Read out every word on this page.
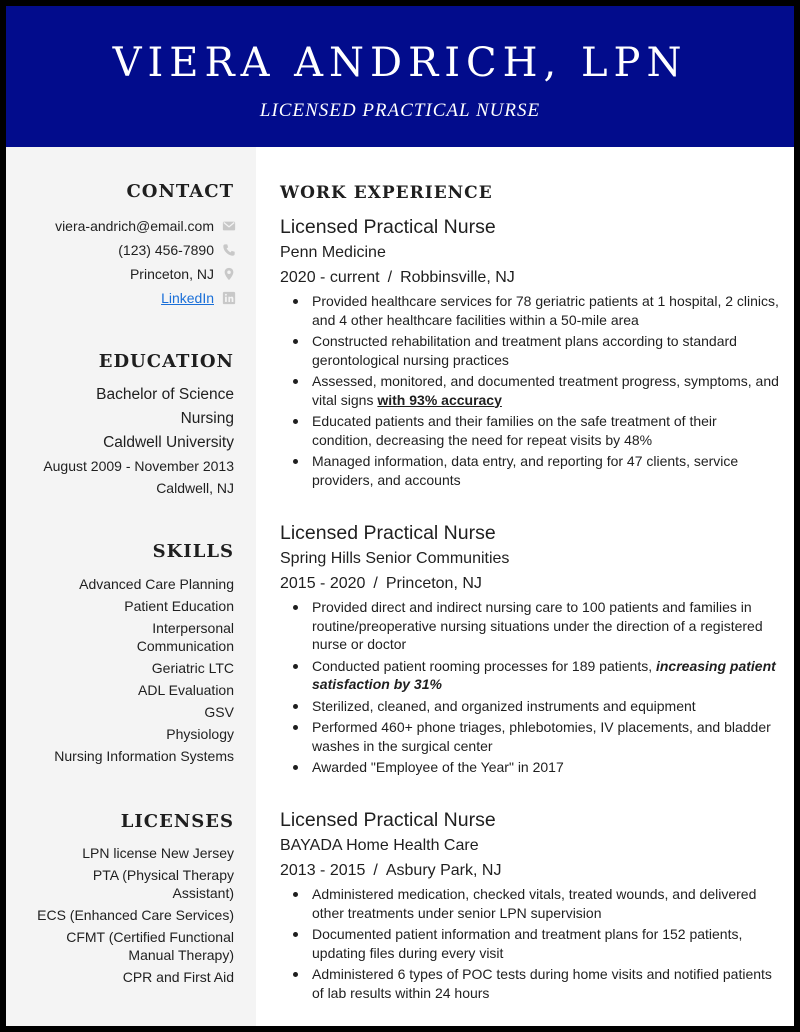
VIERA ANDRICH, LPN
LICENSED PRACTICAL NURSE
CONTACT
viera-andrich@email.com
(123) 456-7890
Princeton, NJ
LinkedIn
EDUCATION
Bachelor of Science
Nursing
Caldwell University
August 2009 - November 2013
Caldwell, NJ
SKILLS
Advanced Care Planning
Patient Education
Interpersonal Communication
Geriatric LTC
ADL Evaluation
GSV
Physiology
Nursing Information Systems
LICENSES
LPN license New Jersey
PTA (Physical Therapy Assistant)
ECS (Enhanced Care Services)
CFMT (Certified Functional Manual Therapy)
CPR and First Aid
WORK EXPERIENCE
Licensed Practical Nurse
Penn Medicine
2020 - current / Robbinsville, NJ
Provided healthcare services for 78 geriatric patients at 1 hospital, 2 clinics, and 4 other healthcare facilities within a 50-mile area
Constructed rehabilitation and treatment plans according to standard gerontological nursing practices
Assessed, monitored, and documented treatment progress, symptoms, and vital signs with 93% accuracy
Educated patients and their families on the safe treatment of their condition, decreasing the need for repeat visits by 48%
Managed information, data entry, and reporting for 47 clients, service providers, and accounts
Licensed Practical Nurse
Spring Hills Senior Communities
2015 - 2020 / Princeton, NJ
Provided direct and indirect nursing care to 100 patients and families in routine/preoperative nursing situations under the direction of a registered nurse or doctor
Conducted patient rooming processes for 189 patients, increasing patient satisfaction by 31%
Sterilized, cleaned, and organized instruments and equipment
Performed 460+ phone triages, phlebotomies, IV placements, and bladder washes in the surgical center
Awarded "Employee of the Year" in 2017
Licensed Practical Nurse
BAYADA Home Health Care
2013 - 2015 / Asbury Park, NJ
Administered medication, checked vitals, treated wounds, and delivered other treatments under senior LPN supervision
Documented patient information and treatment plans for 152 patients, updating files during every visit
Administered 6 types of POC tests during home visits and notified patients of lab results within 24 hours
